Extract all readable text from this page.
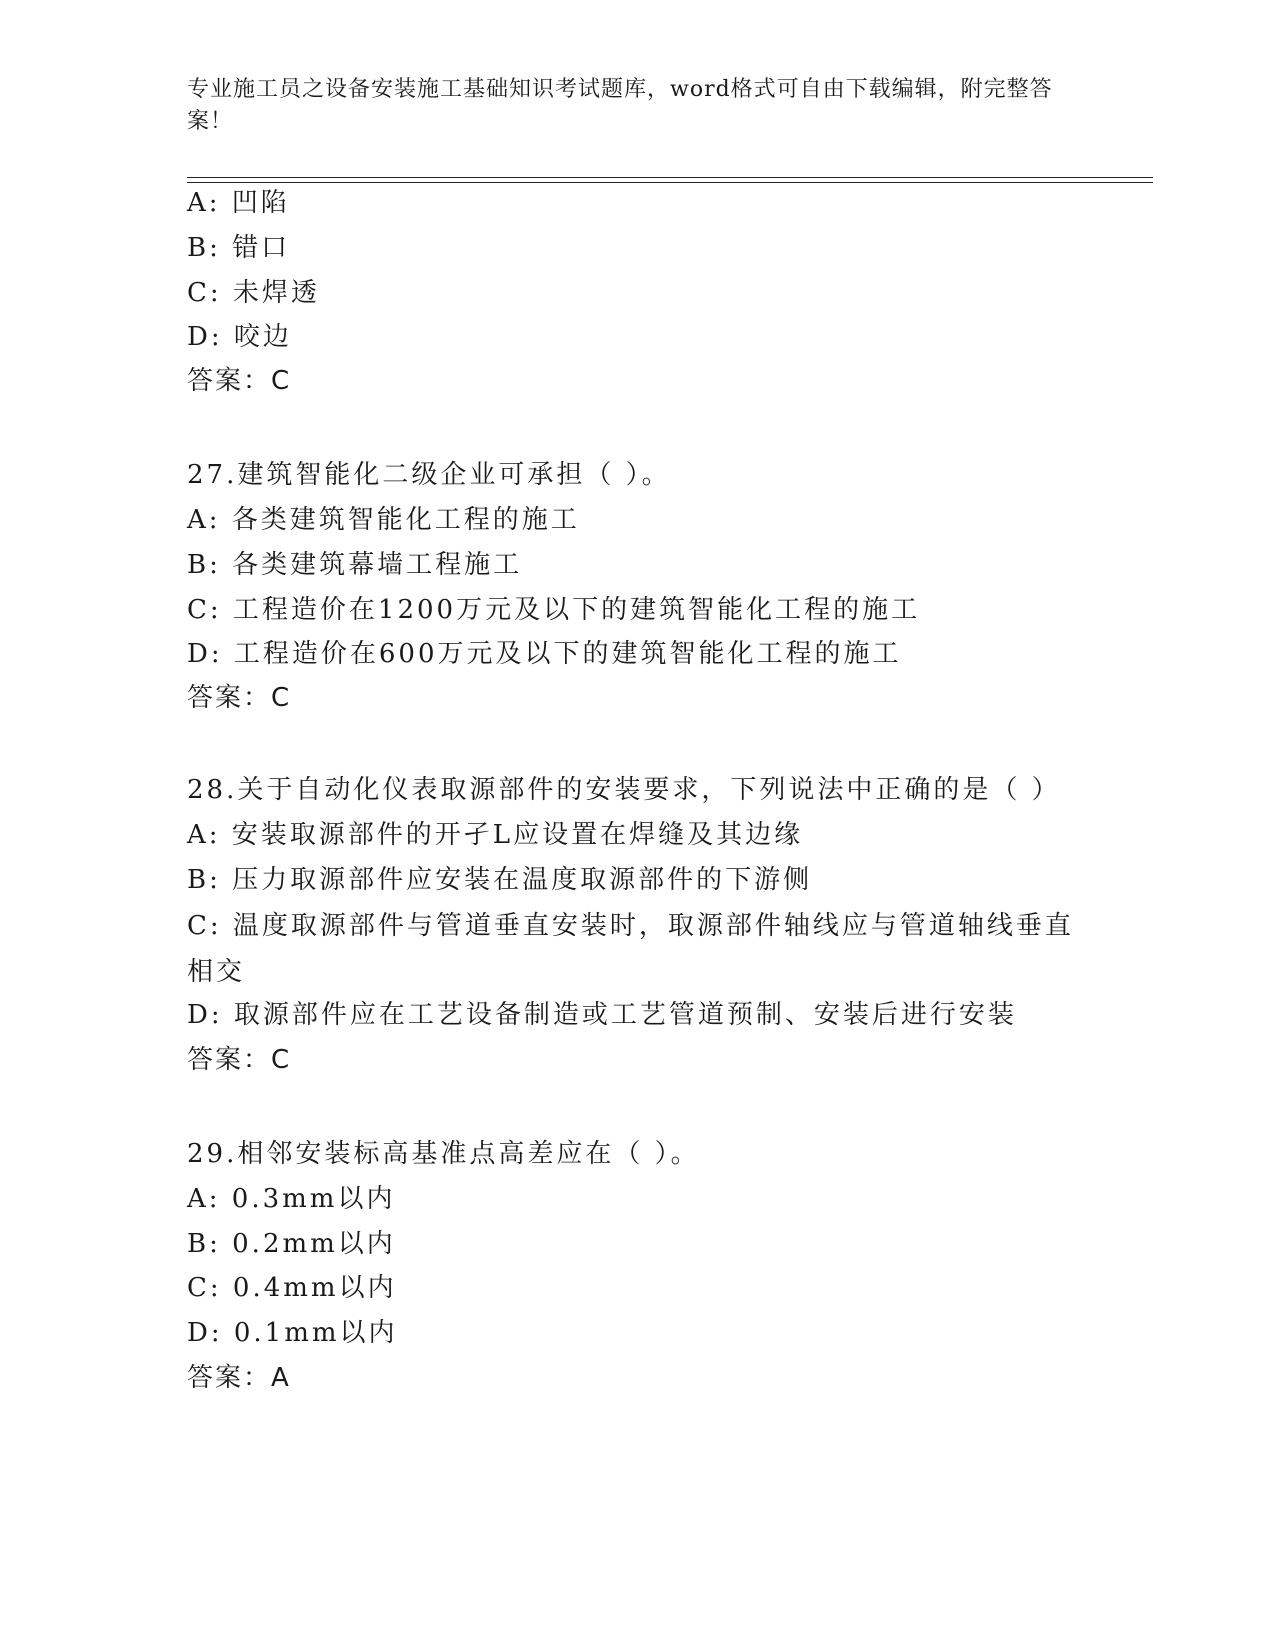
专业施工员之设备安装施工基础知识考试题库，word格式可自由下载编辑，附完整答案！
A: 凹陷
B: 错口
C: 未焊透
D: 咬边
答案：C
27.建筑智能化二级企业可承担（ ）。
A: 各类建筑智能化工程的施工
B: 各类建筑幕墙工程施工
C: 工程造价在1200万元及以下的建筑智能化工程的施工
D: 工程造价在600万元及以下的建筑智能化工程的施工
答案：C
28.关于自动化仪表取源部件的安装要求，下列说法中正确的是（ ）
A: 安装取源部件的开孑L应设置在焊缝及其边缘
B: 压力取源部件应安装在温度取源部件的下游侧
C: 温度取源部件与管道垂直安装时，取源部件轴线应与管道轴线垂直相交
D: 取源部件应在工艺设备制造或工艺管道预制、安装后进行安装
答案：C
29.相邻安装标高基准点高差应在（ ）。
A: 0.3mm以内
B: 0.2mm以内
C: 0.4mm以内
D: 0.1mm以内
答案：A
